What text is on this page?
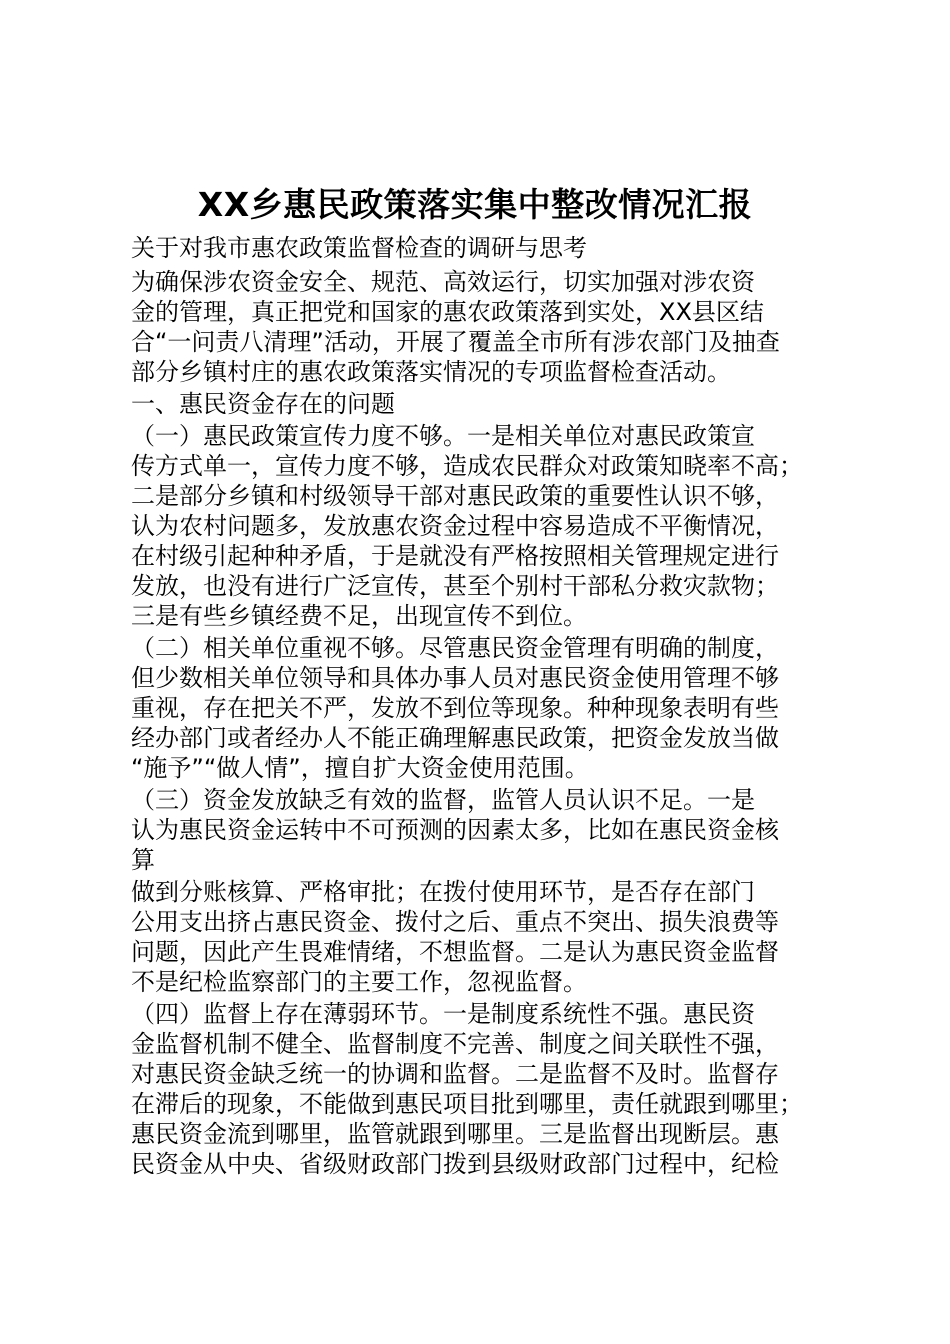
XX乡惠民政策落实集中整改情况汇报
关于对我市惠农政策监督检查的调研与思考
为确保涉农资金安全、规范、高效运行，切实加强对涉农资
金的管理，真正把党和国家的惠农政策落到实处，XX县区结
合“一问责八清理”活动，开展了覆盖全市所有涉农部门及抽查
部分乡镇村庄的惠农政策落实情况的专项监督检查活动。
一、惠民资金存在的问题
（一）惠民政策宣传力度不够。一是相关单位对惠民政策宣
传方式单一，宣传力度不够，造成农民群众对政策知晓率不高；
二是部分乡镇和村级领导干部对惠民政策的重要性认识不够，
认为农村问题多，发放惠农资金过程中容易造成不平衡情况，
在村级引起种种矛盾，于是就没有严格按照相关管理规定进行
发放，也没有进行广泛宣传，甚至个别村干部私分救灾款物；
三是有些乡镇经费不足，出现宣传不到位。
（二）相关单位重视不够。尽管惠民资金管理有明确的制度，
但少数相关单位领导和具体办事人员对惠民资金使用管理不够
重视，存在把关不严，发放不到位等现象。种种现象表明有些
经办部门或者经办人不能正确理解惠民政策，把资金发放当做
“施予”“做人情”，擅自扩大资金使用范围。
（三）资金发放缺乏有效的监督，监管人员认识不足。一是
认为惠民资金运转中不可预测的因素太多，比如在惠民资金核
算
做到分账核算、严格审批；在拨付使用环节，是否存在部门
公用支出挤占惠民资金、拨付之后、重点不突出、损失浪费等
问题，因此产生畏难情绪，不想监督。二是认为惠民资金监督
不是纪检监察部门的主要工作，忽视监督。
（四）监督上存在薄弱环节。一是制度系统性不强。惠民资
金监督机制不健全、监督制度不完善、制度之间关联性不强，
对惠民资金缺乏统一的协调和监督。二是监督不及时。监督存
在滞后的现象，不能做到惠民项目批到哪里，责任就跟到哪里；
惠民资金流到哪里，监管就跟到哪里。三是监督出现断层。惠
民资金从中央、省级财政部门拨到县级财政部门过程中，纪检
